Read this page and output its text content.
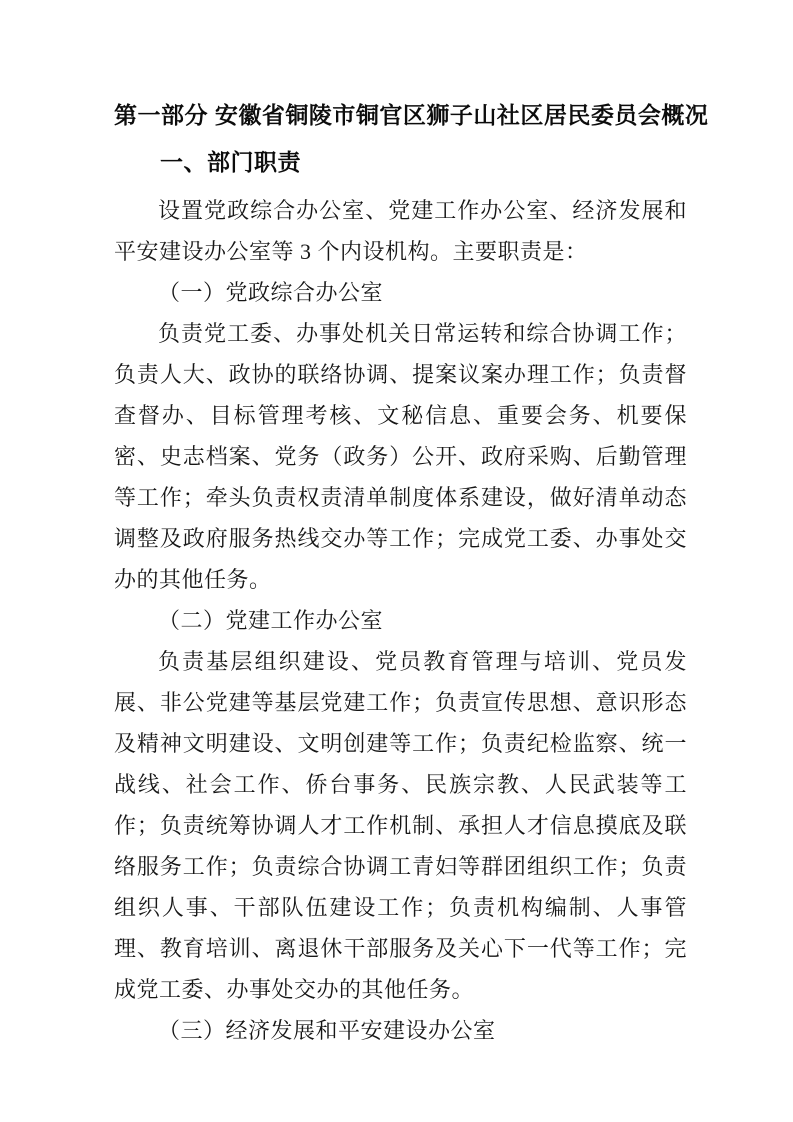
第一部分 安徽省铜陵市铜官区狮子山社区居民委员会概况
一、部门职责

设置党政综合办公室、党建工作办公室、经济发展和平安建设办公室等 3 个内设机构。主要职责是：

（一）党政综合办公室

负责党工委、办事处机关日常运转和综合协调工作；负责人大、政协的联络协调、提案议案办理工作；负责督查督办、目标管理考核、文秘信息、重要会务、机要保密、史志档案、党务（政务）公开、政府采购、后勤管理等工作；牵头负责权责清单制度体系建设，做好清单动态调整及政府服务热线交办等工作；完成党工委、办事处交办的其他任务。

（二）党建工作办公室

负责基层组织建设、党员教育管理与培训、党员发展、非公党建等基层党建工作；负责宣传思想、意识形态及精神文明建设、文明创建等工作；负责纪检监察、统一战线、社会工作、侨台事务、民族宗教、人民武装等工作；负责统筹协调人才工作机制、承担人才信息摸底及联络服务工作；负责综合协调工青妇等群团组织工作；负责组织人事、干部队伍建设工作；负责机构编制、人事管理、教育培训、离退休干部服务及关心下一代等工作；完成党工委、办事处交办的其他任务。

（三）经济发展和平安建设办公室
